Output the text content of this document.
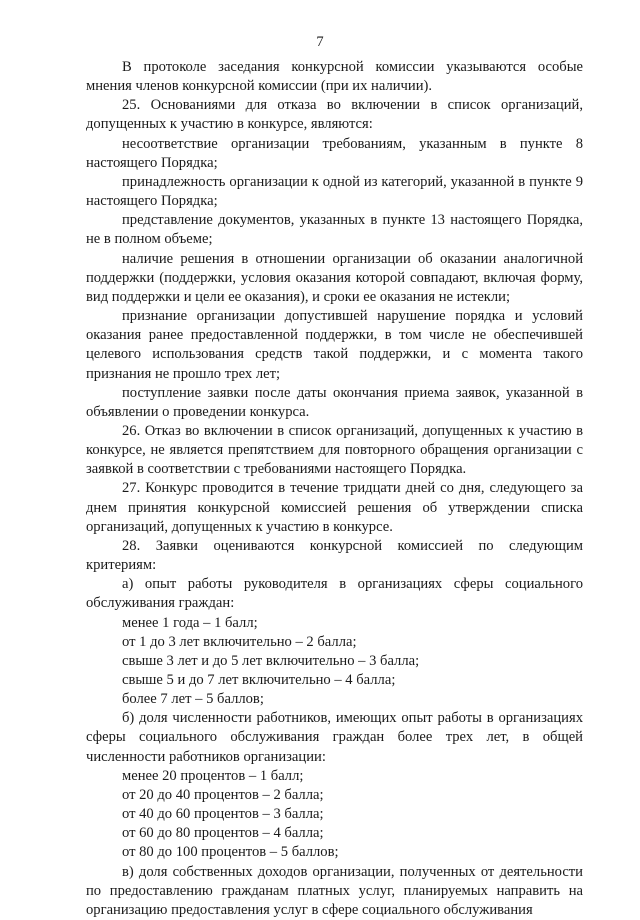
7

В протоколе заседания конкурсной комиссии указываются особые мнения членов конкурсной комиссии (при их наличии).

25. Основаниями для отказа во включении в список организаций, допущенных к участию в конкурсе, являются:

несоответствие организации требованиям, указанным в пункте 8 настоящего Порядка;

принадлежность организации к одной из категорий, указанной в пункте 9 настоящего Порядка;

представление документов, указанных в пункте 13 настоящего Порядка, не в полном объеме;

наличие решения в отношении организации об оказании аналогичной поддержки (поддержки, условия оказания которой совпадают, включая форму, вид поддержки и цели ее оказания), и сроки ее оказания не истекли;

признание организации допустившей нарушение порядка и условий оказания ранее предоставленной поддержки, в том числе не обеспечившей целевого использования средств такой поддержки, и с момента такого признания не прошло трех лет;

поступление заявки после даты окончания приема заявок, указанной в объявлении о проведении конкурса.

26. Отказ во включении в список организаций, допущенных к участию в конкурсе, не является препятствием для повторного обращения организации с заявкой в соответствии с требованиями настоящего Порядка.

27. Конкурс проводится в течение тридцати дней со дня, следующего за днем принятия конкурсной комиссией решения об утверждении списка организаций, допущенных к участию в конкурсе.

28. Заявки оцениваются конкурсной комиссией по следующим критериям:

а) опыт работы руководителя в организациях сферы социального обслуживания граждан:

менее 1 года – 1 балл;

от 1 до 3 лет включительно – 2 балла;

свыше 3 лет и до 5 лет включительно – 3 балла;

свыше 5 и до 7 лет включительно – 4 балла;

более 7 лет – 5 баллов;

б) доля численности работников, имеющих опыт работы в организациях сферы социального обслуживания граждан более трех лет, в общей численности работников организации:

менее 20 процентов – 1 балл;

от 20 до 40 процентов – 2 балла;

от 40 до 60 процентов – 3 балла;

от 60 до 80 процентов – 4 балла;

от 80 до 100 процентов – 5 баллов;

в) доля собственных доходов организации, полученных от деятельности по предоставлению гражданам платных услуг, планируемых направить на организацию предоставления услуг в сфере социального обслуживания
